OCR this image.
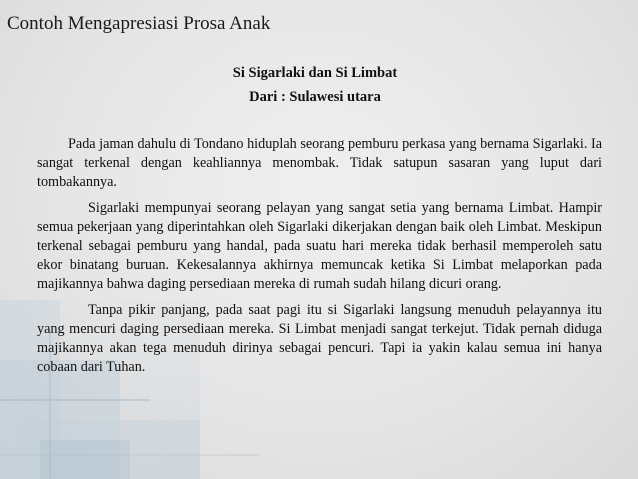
Contoh Mengapresiasi Prosa Anak
Si Sigarlaki dan Si Limbat
Dari : Sulawesi utara

Pada jaman dahulu di Tondano hiduplah seorang pemburu perkasa yang bernama Sigarlaki. Ia sangat terkenal dengan keahliannya menombak. Tidak satupun sasaran yang luput dari tombakannya.

Sigarlaki mempunyai seorang pelayan yang sangat setia yang bernama Limbat. Hampir semua pekerjaan yang diperintahkan oleh Sigarlaki dikerjakan dengan baik oleh Limbat. Meskipun terkenal sebagai pemburu yang handal, pada suatu hari mereka tidak berhasil memperoleh satu ekor binatang buruan. Kekesalannya akhirnya memuncak ketika Si Limbat melaporkan pada majikannya bahwa daging persediaan mereka di rumah sudah hilang dicuri orang.

Tanpa pikir panjang, pada saat pagi itu si Sigarlaki langsung menuduh pelayannya itu yang mencuri daging persediaan mereka. Si Limbat menjadi sangat terkejut. Tidak pernah diduga majikannya akan tega menuduh dirinya sebagai pencuri. Tapi ia yakin kalau semua ini hanya cobaan dari Tuhan.
